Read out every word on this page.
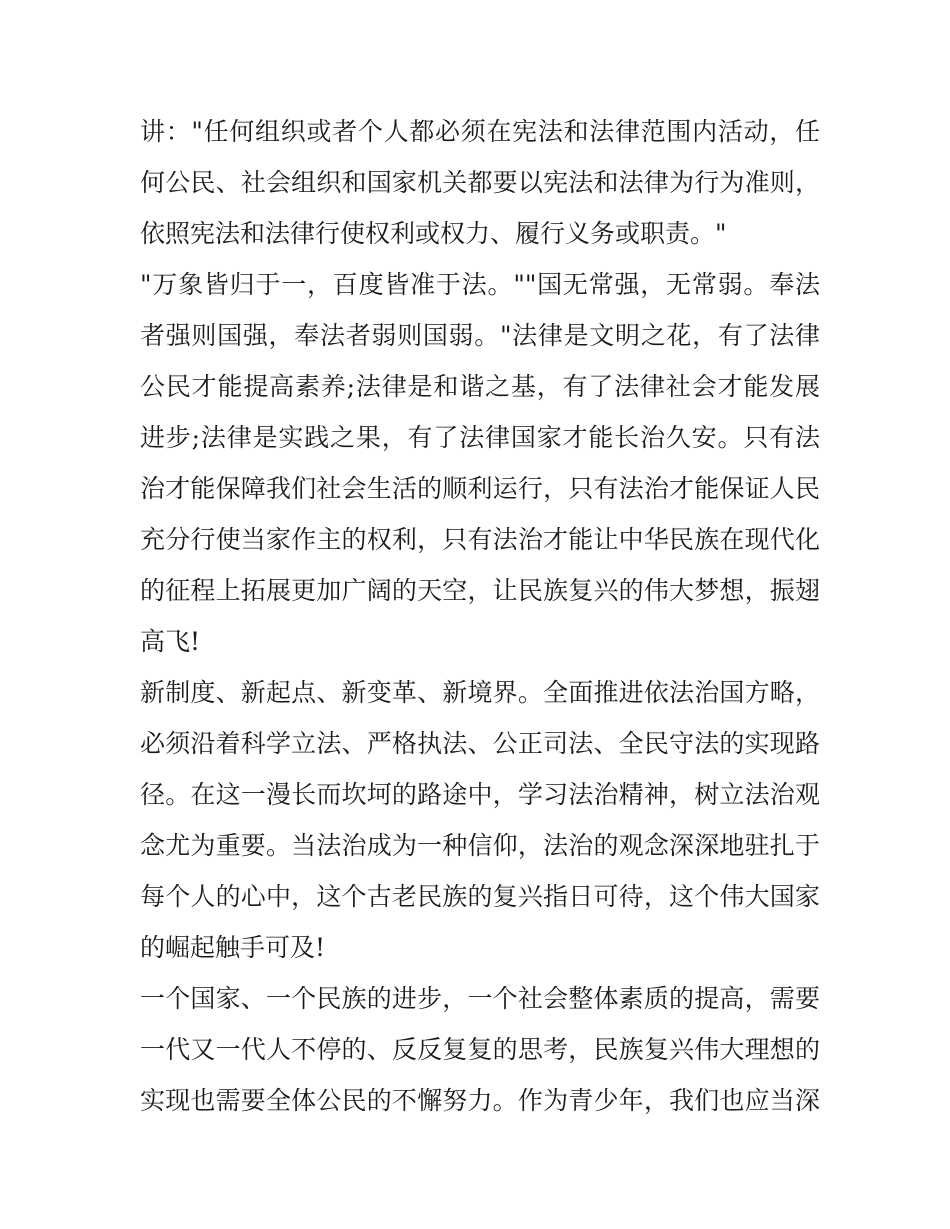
讲："任何组织或者个人都必须在宪法和法律范围内活动，任
何公民、社会组织和国家机关都要以宪法和法律为行为准则，
依照宪法和法律行使权利或权力、履行义务或职责。"
"万象皆归于一，百度皆准于法。""国无常强，无常弱。奉法
者强则国强，奉法者弱则国弱。"法律是文明之花，有了法律
公民才能提高素养;法律是和谐之基，有了法律社会才能发展
进步;法律是实践之果，有了法律国家才能长治久安。只有法
治才能保障我们社会生活的顺利运行，只有法治才能保证人民
充分行使当家作主的权利，只有法治才能让中华民族在现代化
的征程上拓展更加广阔的天空，让民族复兴的伟大梦想，振翅
高飞!
新制度、新起点、新变革、新境界。全面推进依法治国方略，
必须沿着科学立法、严格执法、公正司法、全民守法的实现路
径。在这一漫长而坎坷的路途中，学习法治精神，树立法治观
念尤为重要。当法治成为一种信仰，法治的观念深深地驻扎于
每个人的心中，这个古老民族的复兴指日可待，这个伟大国家
的崛起触手可及!
一个国家、一个民族的进步，一个社会整体素质的提高，需要
一代又一代人不停的、反反复复的思考，民族复兴伟大理想的
实现也需要全体公民的不懈努力。作为青少年，我们也应当深
